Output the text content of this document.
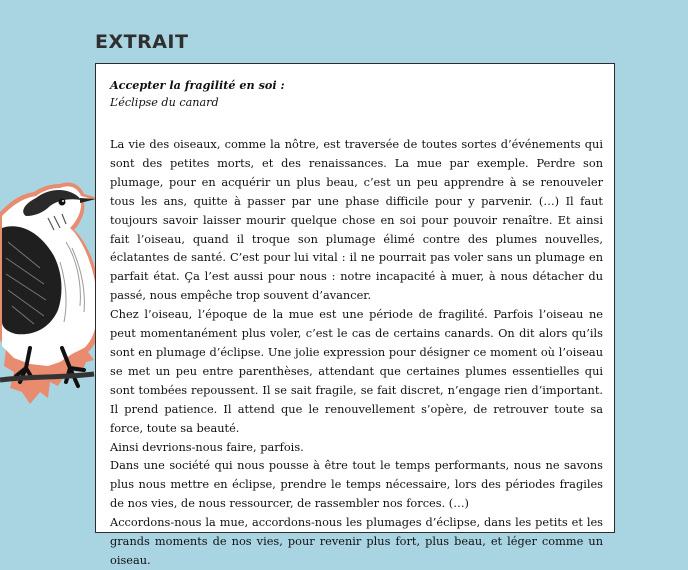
EXTRAIT
Accepter la fragilité en soi :
L’éclipse du canard

La vie des oiseaux, comme la nôtre, est traversée de toutes sortes d’événements qui sont des petites morts, et des renaissances. La mue par exemple. Perdre son plumage, pour en acquérir un plus beau, c’est un peu apprendre à se renouveler tous les ans, quitte à passer par une phase difficile pour y parvenir. (…) Il faut toujours savoir laisser mourir quelque chose en soi pour pouvoir renaître. Et ainsi fait l’oiseau, quand il troque son plumage élimé contre des plumes nouvelles, éclatantes de santé. C’est pour lui vital : il ne pourrait pas voler sans un plumage en parfait état. Ça l’est aussi pour nous : notre incapacité à muer, à nous détacher du passé, nous empêche trop souvent d’avancer.

Chez l’oiseau, l’époque de la mue est une période de fragilité. Parfois l’oiseau ne peut momentanément plus voler, c’est le cas de certains canards. On dit alors qu’ils sont en plumage d’éclipse. Une jolie expression pour désigner ce moment où l’oiseau se met un peu entre parenthèses, attendant que certaines plumes essentielles qui sont tombées repoussent. Il se sait fragile, se fait discret, n’engage rien d’important. Il prend patience. Il attend que le renouvellement s’opère, de retrouver toute sa force, toute sa beauté.

Ainsi devrions-nous faire, parfois.

Dans une société qui nous pousse à être tout le temps performants, nous ne savons plus nous mettre en éclipse, prendre le temps nécessaire, lors des périodes fragiles de nos vies, de nous ressourcer, de rassembler nos forces. (…)

Accordons-nous la mue, accordons-nous les plumages d’éclipse, dans les petits et les grands moments de nos vies, pour revenir plus fort, plus beau, et léger comme un oiseau.
